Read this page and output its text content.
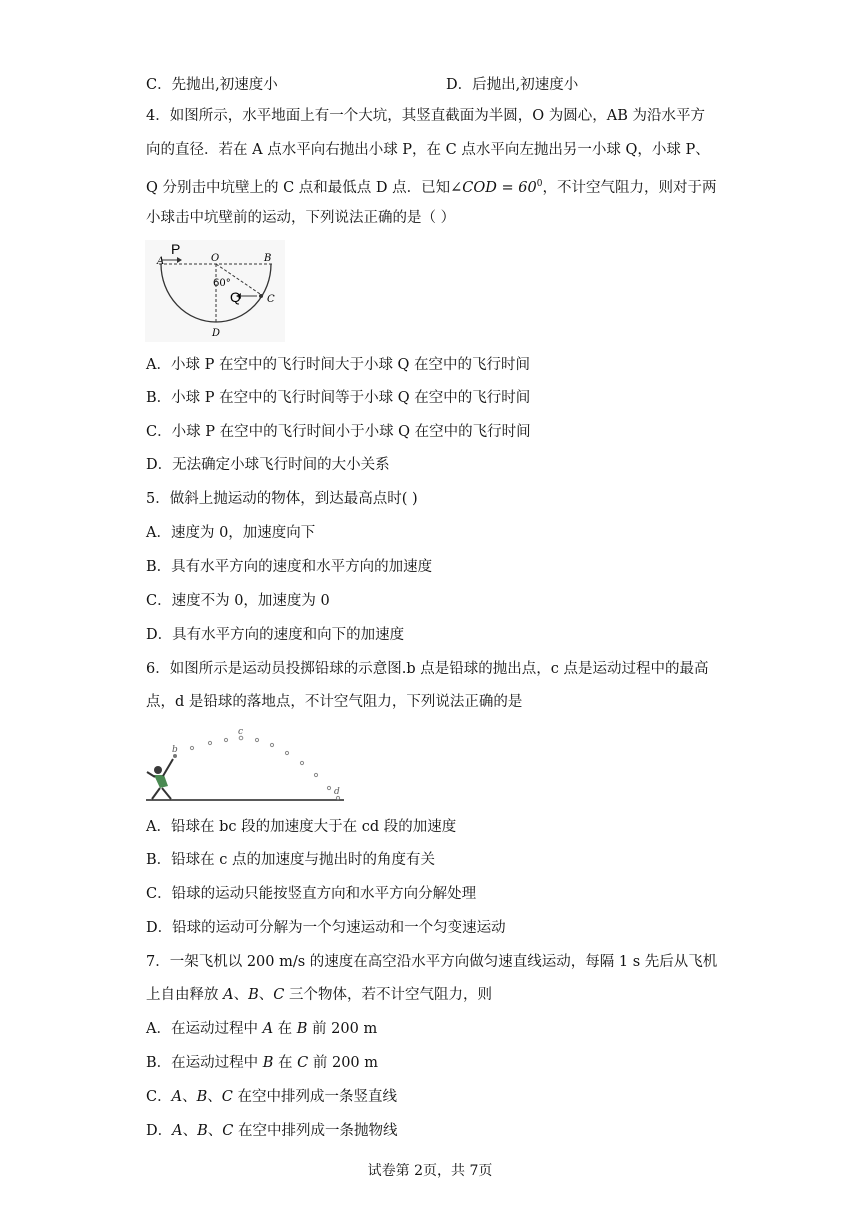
C．先抛出,初速度小	D．后抛出,初速度小
4．如图所示，水平地面上有一个大坑，其竖直截面为半圆，O 为圆心，AB 为沿水平方
向的直径．若在 A 点水平向右抛出小球 P，在 C 点水平向左抛出另一小球 Q，小球 P、
Q 分别击中坑壁上的 C 点和最低点 D 点．已知∠COD = $60^0$，不计空气阻力，则对于两
小球击中坑壁前的运动，下列说法正确的是（ ）
A
P
O	B
60°
Q	C
D
A．小球 P 在空中的飞行时间大于小球 Q 在空中的飞行时间
B．小球 P 在空中的飞行时间等于小球 Q 在空中的飞行时间
C．小球 P 在空中的飞行时间小于小球 Q 在空中的飞行时间
D．无法确定小球飞行时间的大小关系
5．做斜上抛运动的物体，到达最高点时( )
A．速度为 0，加速度向下
B．具有水平方向的速度和水平方向的加速度
C．速度不为 0，加速度为 0
D．具有水平方向的速度和向下的加速度
6．如图所示是运动员投掷铅球的示意图.b 点是铅球的抛出点，c 点是运动过程中的最高
点，d 是铅球的落地点，不计空气阻力，下列说法正确的是
b
c
d
A．铅球在 bc 段的加速度大于在 cd 段的加速度
B．铅球在 c 点的加速度与抛出时的角度有关
C．铅球的运动只能按竖直方向和水平方向分解处理
D．铅球的运动可分解为一个匀速运动和一个匀变速运动
7．一架飞机以 200 m/s 的速度在高空沿水平方向做匀速直线运动，每隔 1 s 先后从飞机
上自由释放 A、B、C 三个物体，若不计空气阻力，则
A．在运动过程中 A 在 B 前 200 m
B．在运动过程中 B 在 C 前 200 m
C．A、B、C 在空中排列成一条竖直线
D．A、B、C 在空中排列成一条抛物线
试卷第 2页，共 7页
